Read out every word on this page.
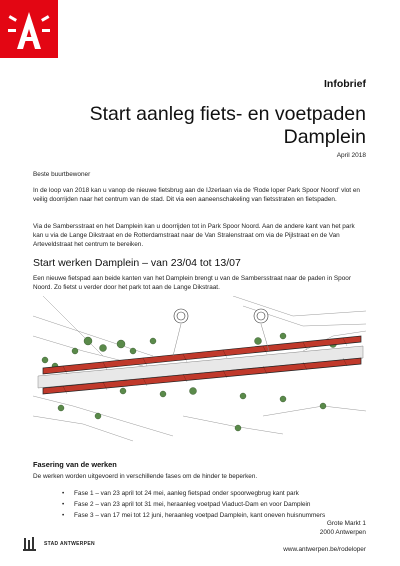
Infobrief
Start aanleg fiets- en voetpaden
Damplein
April 2018
Beste buurtbewoner
In de loop van 2018 kan u vanop de nieuwe fietsbrug aan de IJzerlaan via de ‘Rode loper Park Spoor Noord’ vlot en veilig doorrijden naar het centrum van de stad. Dit via een aaneenschakeling van fietsstraten en fietspaden.
Via de Sambersstraat en het Damplein kan u doorrijden tot in Park Spoor Noord. Aan de andere kant van het park kan u via de Lange Dikstraat en de Rotterdamstraat naar de Van Stralenstraat om via de Pijlstraat en de Van Arteveldstraat het centrum te bereiken.
Start werken Damplein – van 23/04 tot 13/07
Een nieuwe fietspad aan beide kanten van het Damplein brengt u van de Sambersstraat naar de paden in Spoor Noord. Zo fietst u verder door het park tot aan de Lange Dikstraat.
Fasering van de werken
De werken worden uitgevoerd in verschillende fases om de hinder te beperken.
• Fase 1 – van 23 april tot 24 mei, aanleg fietspad onder spoorwegbrug kant park
• Fase 2 – van 23 april tot 31 mei, heraanleg voetpad Viaduct-Dam en voor Damplein
• Fase 3 – van 17 mei tot 12 juni, heraanleg voetpad Damplein, kant oneven huisnummers
Grote Markt 1
2000 Antwerpen
STAD ANTWERPEN
www.antwerpen.be/rodeloper
